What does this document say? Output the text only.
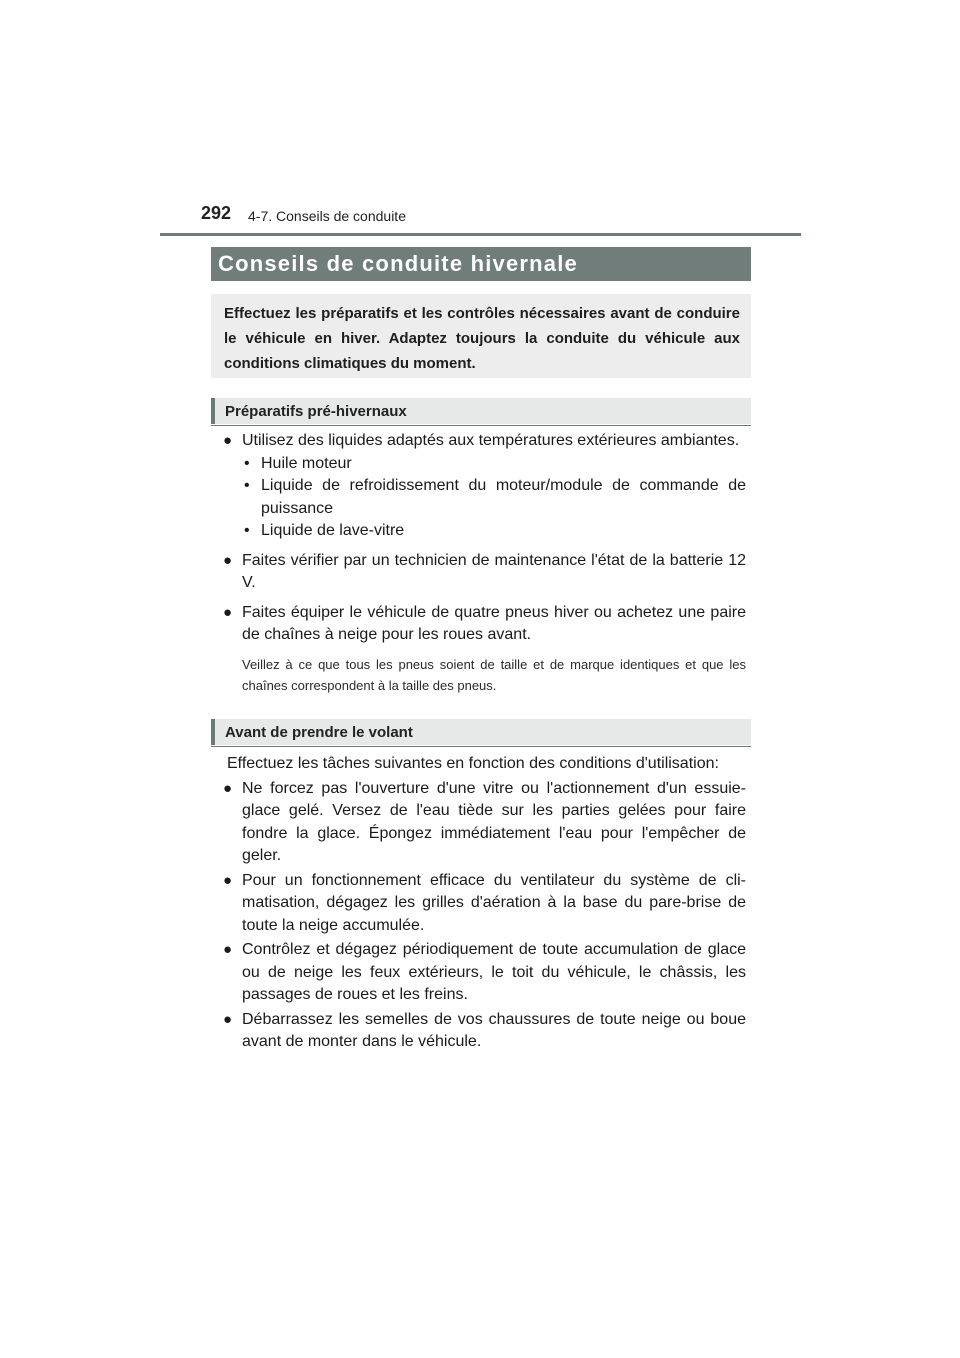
292 4-7. Conseils de conduite
Conseils de conduite hivernale

Effectuez les préparatifs et les contrôles nécessaires avant de conduire le véhicule en hiver. Adaptez toujours la conduite du véhicule aux conditions climatiques du moment.

Préparatifs pré-hivernaux
● Utilisez des liquides adaptés aux températures extérieures ambiantes.

• Huile moteur
• Liquide de refroidissement du moteur/module de commande de puissance
• Liquide de lave-vitre
● Faites vérifier par un technicien de maintenance l'état de la batterie 12 V.

● Faites équiper le véhicule de quatre pneus hiver ou achetez une paire de chaînes à neige pour les roues avant.

Veillez à ce que tous les pneus soient de taille et de marque identiques et que les chaînes correspondent à la taille des pneus.

Avant de prendre le volant

Effectuez les tâches suivantes en fonction des conditions d'utilisation:

● Ne forcez pas l'ouverture d'une vitre ou l'actionnement d'un essuie-glace gelé. Versez de l'eau tiède sur les parties gelées pour faire fondre la glace. Épongez immédiatement l'eau pour l'empêcher de geler.

● Pour un fonctionnement efficace du ventilateur du système de cli-matisation, dégagez les grilles d'aération à la base du pare-brise de toute la neige accumulée.

● Contrôlez et dégagez périodiquement de toute accumulation de glace ou de neige les feux extérieurs, le toit du véhicule, le châssis, les passages de roues et les freins.

● Débarrassez les semelles de vos chaussures de toute neige ou boue avant de monter dans le véhicule.
